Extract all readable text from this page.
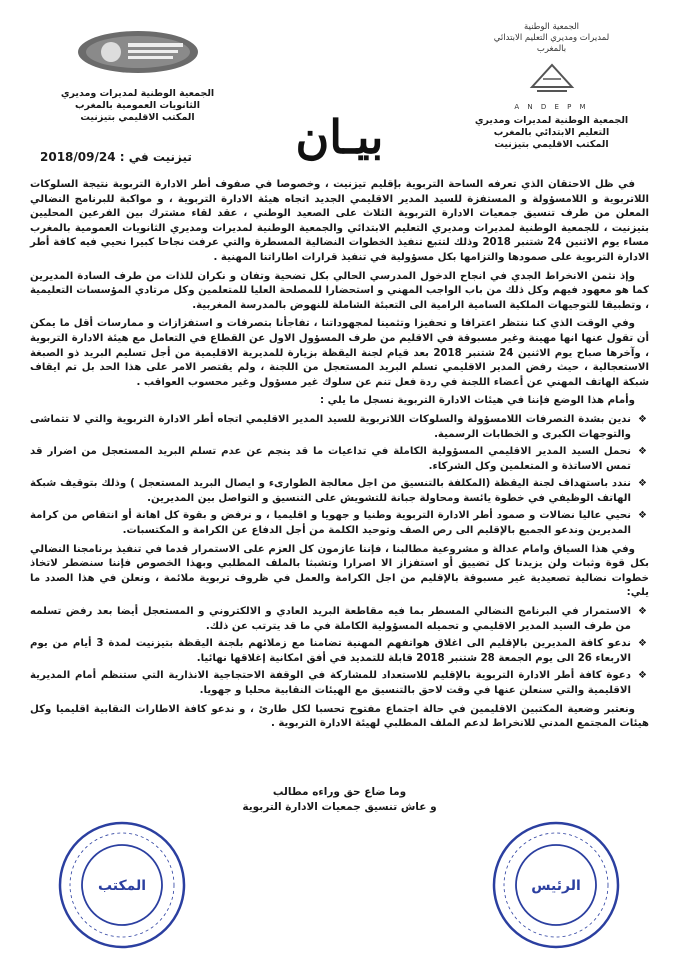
الجمعية الوطنية
لمديرات ومديري التعليم الابتدائي
بالمغرب
A N D E P M
الجمعية الوطنية لمديرات ومديري
التعليم الابتدائي بالمغرب
المكتب الاقليمي بتيزنيت
الجمعية الوطنية لمديرات ومديري
الثانويات العمومية بالمغرب
المكتب الاقليمي بتيزنيت	بيـان
تيزنيت في : 2018/09/24

في ظل الاحتقان الذي تعرفه الساحة التربوية بإقليم تيزنيت ، وخصوصا في صفوف أطر الادارة التربوية نتيجة السلوكات اللاتربوية و اللامسؤولة و المستفزة للسيد المدير الاقليمي الجديد اتجاه هيئة الادارة التربوية ، و مواكبة للبرنامج النضالي المعلن من طرف تنسيق جمعيات الادارة التربوية الثلاث على الصعيد الوطني ، عقد لقاء مشترك بين الفرعين المحليين بتيزنيت ، للجمعية الوطنية لمديرات ومديري التعليم الابتدائي والجمعية الوطنية لمديرات ومديري الثانويات العمومية بالمغرب مساء يوم الاثنين 24 شتنبر 2018 وذلك لتتبع تنفيذ الخطوات النضالية المسطرة والتي عرفت نجاحا كبيرا نحيي فيه كافة أطر الادارة التربوية على صمودها والتزامها بكل مسؤولية في تنفيذ قرارات اطاراتنا المهنية .

وإذ نثمن الانخراط الجدي في انجاح الدخول المدرسي الحالي بكل تضحية وتفان و نكران للذات من طرف السادة المديرين كما هو معهود فيهم وكل ذلك من باب الواجب المهني و استحضارا للمصلحة العليا للمتعلمين وكل مرتادي المؤسسات التعليمية ، وتطبيقا للتوجيهات الملكية السامية الرامية الى التعبئة الشاملة للنهوض بالمدرسة المغربية.

وفي الوقت الذي كنا ننتظر اعترافا و تحفيزا وتثمينا لمجهوداتنا ، تفاجأنا بتصرفات و استفزازات و ممارسات أقل ما يمكن أن تقول عنها انها مهينة وغير مسبوقة في الاقليم من طرف المسؤول الاول عن القطاع في التعامل مع هيئة الادارة التربوية ، وآخرها صباح يوم الاثنين 24 شتنبر 2018 بعد قيام لجنة اليقظة بزيارة للمديرية الاقليمية من أجل تسليم البريد ذو الصبغة الاستعجالية ، حيث رفض المدير الاقليمي تسلم البريد المستعجل من اللجنة ، ولم يقتصر الامر على هذا الحد بل تم ايقاف شبكة الهاتف المهني عن أعضاء اللجنة في ردة فعل تنم عن سلوك غير مسؤول وغير محسوب العواقب .

وأمام هذا الوضع فإننا في هيئات الادارة التربوية نسجل ما يلي :

❖ ندين بشدة التصرفات اللامسؤولة والسلوكات اللاتربوية للسيد المدير الاقليمي اتجاه أطر الادارة التربوية والتي لا تتماشى والتوجهات الكبرى و الخطابات الرسمية.
❖ نحمل السيد المدير الاقليمي المسؤولية الكاملة في تداعيات ما قد ينجم عن عدم تسلم البريد المستعجل من اضرار قد تمس الاساتذة و المتعلمين وكل الشركاء.
❖ نندد باستهداف لجنة اليقظة (المكلفة بالتنسيق من اجل معالجة الطوارىء و ايصال البريد المستعجل ) وذلك بتوقيف شبكة الهاتف الوظيفي في خطوة يائسة ومحاولة جبانة للتشويش على التنسيق و التواصل بين المديرين.
❖ نحيي عاليا نضالات و صمود أطر الادارة التربوية وطنيا و جهويا و اقليميا ، و نرفض و بقوة كل اهانة أو انتقاص من كرامة المديرين وندعو الجميع بالإقليم الى رص الصف وتوحيد الكلمة من أجل الدفاع عن الكرامة و المكتسبات.

وفي هذا السياق وامام عدالة و مشروعية مطالبنا ، فإننا عازمون كل العزم على الاستمرار قدما في تنفيذ برنامجنا النضالي بكل قوة وثبات ولن يزيدنا كل تضييق أو استفزاز الا اصرارا وتشبثا بالملف المطلبي وبهذا الخصوص فإننا سنضطر لاتخاذ خطوات نضالية تصعيدية غير مسبوقة بالإقليم من اجل الكرامة والعمل في ظروف تربوية ملائمة ، ونعلن في هذا الصدد ما يلي:

❖ الاستمرار في البرنامج النضالي المسطر بما فيه مقاطعة البريد العادي و الالكتروني و المستعجل أيضا بعد رفض تسلمه من طرف السيد المدير الاقليمي و تحميله المسؤولية الكاملة في ما قد يترتب عن ذلك.
❖ ندعو كافة المديرين بالإقليم الى اغلاق هواتفهم المهنية تضامنا مع زملائهم بلجنة اليقظة بتيزنيت لمدة 3 أيام من يوم الاربعاء 26 الى يوم الجمعة 28 شتنبر 2018 قابلة للتمديد في أفق امكانية إغلاقها نهائيا.
❖ دعوة كافة أطر الادارة التربوية بالإقليم للاستعداد للمشاركة في الوقفة الاحتجاجية الانذارية التي ستنظم أمام المديرية الاقليمية والتي سنعلن عنها في وقت لاحق بالتنسيق مع الهيئات النقابية محليا و جهويا.

ونعتبر وضعية المكتبين الاقليمين في حالة اجتماع مفتوح تحسبا لكل طارئ ، و ندعو كافة الاطارات النقابية اقليميا وكل هيئات المجتمع المدني للانخراط لدعم الملف المطلبي لهيئة الادارة التربوية .

وما ضاع حق وراءه مطالب
و عاش تنسيق جمعيات الادارة التربوية
المكتب	الرئيس
